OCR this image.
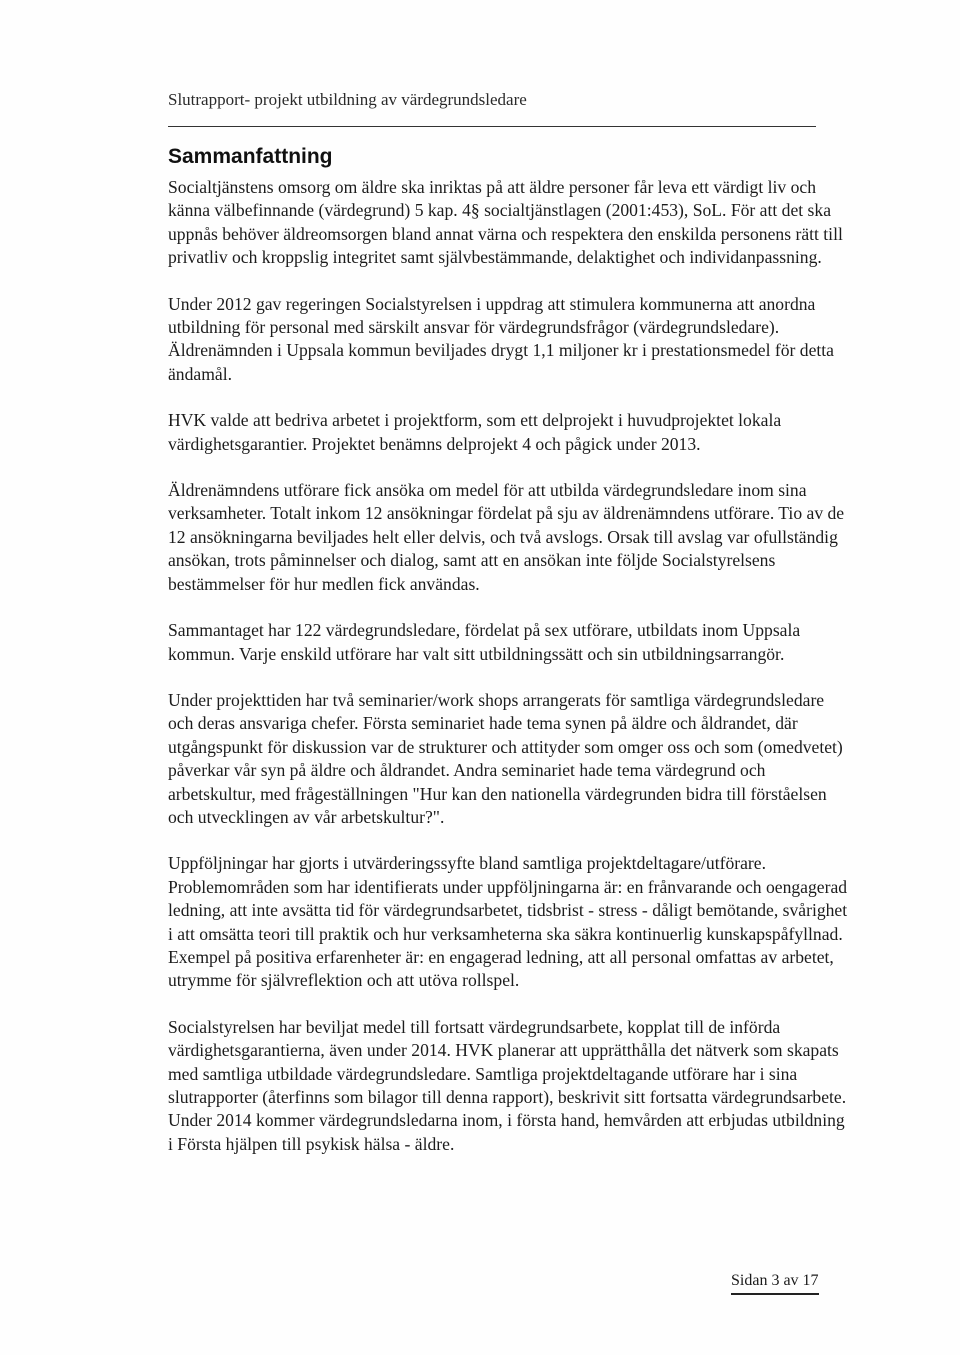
Slutrapport- projekt utbildning av värdegrundsledare
Sammanfattning

Socialtjänstens omsorg om äldre ska inriktas på att äldre personer får leva ett värdigt liv och känna välbefinnande (värdegrund) 5 kap. 4§ socialtjänstlagen (2001:453), SoL. För att det ska uppnås behöver äldreomsorgen bland annat värna och respektera den enskilda personens rätt till privatliv och kroppslig integritet samt självbestämmande, delaktighet och individanpassning.

Under 2012 gav regeringen Socialstyrelsen i uppdrag att stimulera kommunerna att anordna utbildning för personal med särskilt ansvar för värdegrundsfrågor (värdegrundsledare). Äldrenämnden i Uppsala kommun beviljades drygt 1,1 miljoner kr i prestationsmedel för detta ändamål.

HVK valde att bedriva arbetet i projektform, som ett delprojekt i huvudprojektet lokala värdighetsgarantier. Projektet benämns delprojekt 4 och pågick under 2013.

Äldrenämndens utförare fick ansöka om medel för att utbilda värdegrundsledare inom sina verksamheter. Totalt inkom 12 ansökningar fördelat på sju av äldrenämndens utförare. Tio av de 12 ansökningarna beviljades helt eller delvis, och två avslogs. Orsak till avslag var ofullständig ansökan, trots påminnelser och dialog, samt att en ansökan inte följde Socialstyrelsens bestämmelser för hur medlen fick användas.

Sammantaget har 122 värdegrundsledare, fördelat på sex utförare, utbildats inom Uppsala kommun. Varje enskild utförare har valt sitt utbildningssätt och sin utbildningsarrangör.

Under projekttiden har två seminarier/work shops arrangerats för samtliga värdegrundsledare och deras ansvariga chefer. Första seminariet hade tema synen på äldre och åldrandet, där utgångspunkt för diskussion var de strukturer och attityder som omger oss och som (omedvetet) påverkar vår syn på äldre och åldrandet. Andra seminariet hade tema värdegrund och arbetskultur, med frågeställningen "Hur kan den nationella värdegrunden bidra till förståelsen och utvecklingen av vår arbetskultur?".

Uppföljningar har gjorts i utvärderingssyfte bland samtliga projektdeltagare/utförare. Problemområden som har identifierats under uppföljningarna är: en frånvarande och oengagerad ledning, att inte avsätta tid för värdegrundsarbetet, tidsbrist - stress - dåligt bemötande, svårighet i att omsätta teori till praktik och hur verksamheterna ska säkra kontinuerlig kunskapspåfyllnad. Exempel på positiva erfarenheter är: en engagerad ledning, att all personal omfattas av arbetet, utrymme för självreflektion och att utöva rollspel.

Socialstyrelsen har beviljat medel till fortsatt värdegrundsarbete, kopplat till de införda värdighetsgarantierna, även under 2014. HVK planerar att upprätthålla det nätverk som skapats med samtliga utbildade värdegrundsledare. Samtliga projektdeltagande utförare har i sina slutrapporter (återfinns som bilagor till denna rapport), beskrivit sitt fortsatta värdegrundsarbete. Under 2014 kommer värdegrundsledarna inom, i första hand, hemvården att erbjudas utbildning i Första hjälpen till psykisk hälsa - äldre.

Sidan 3 av 17
